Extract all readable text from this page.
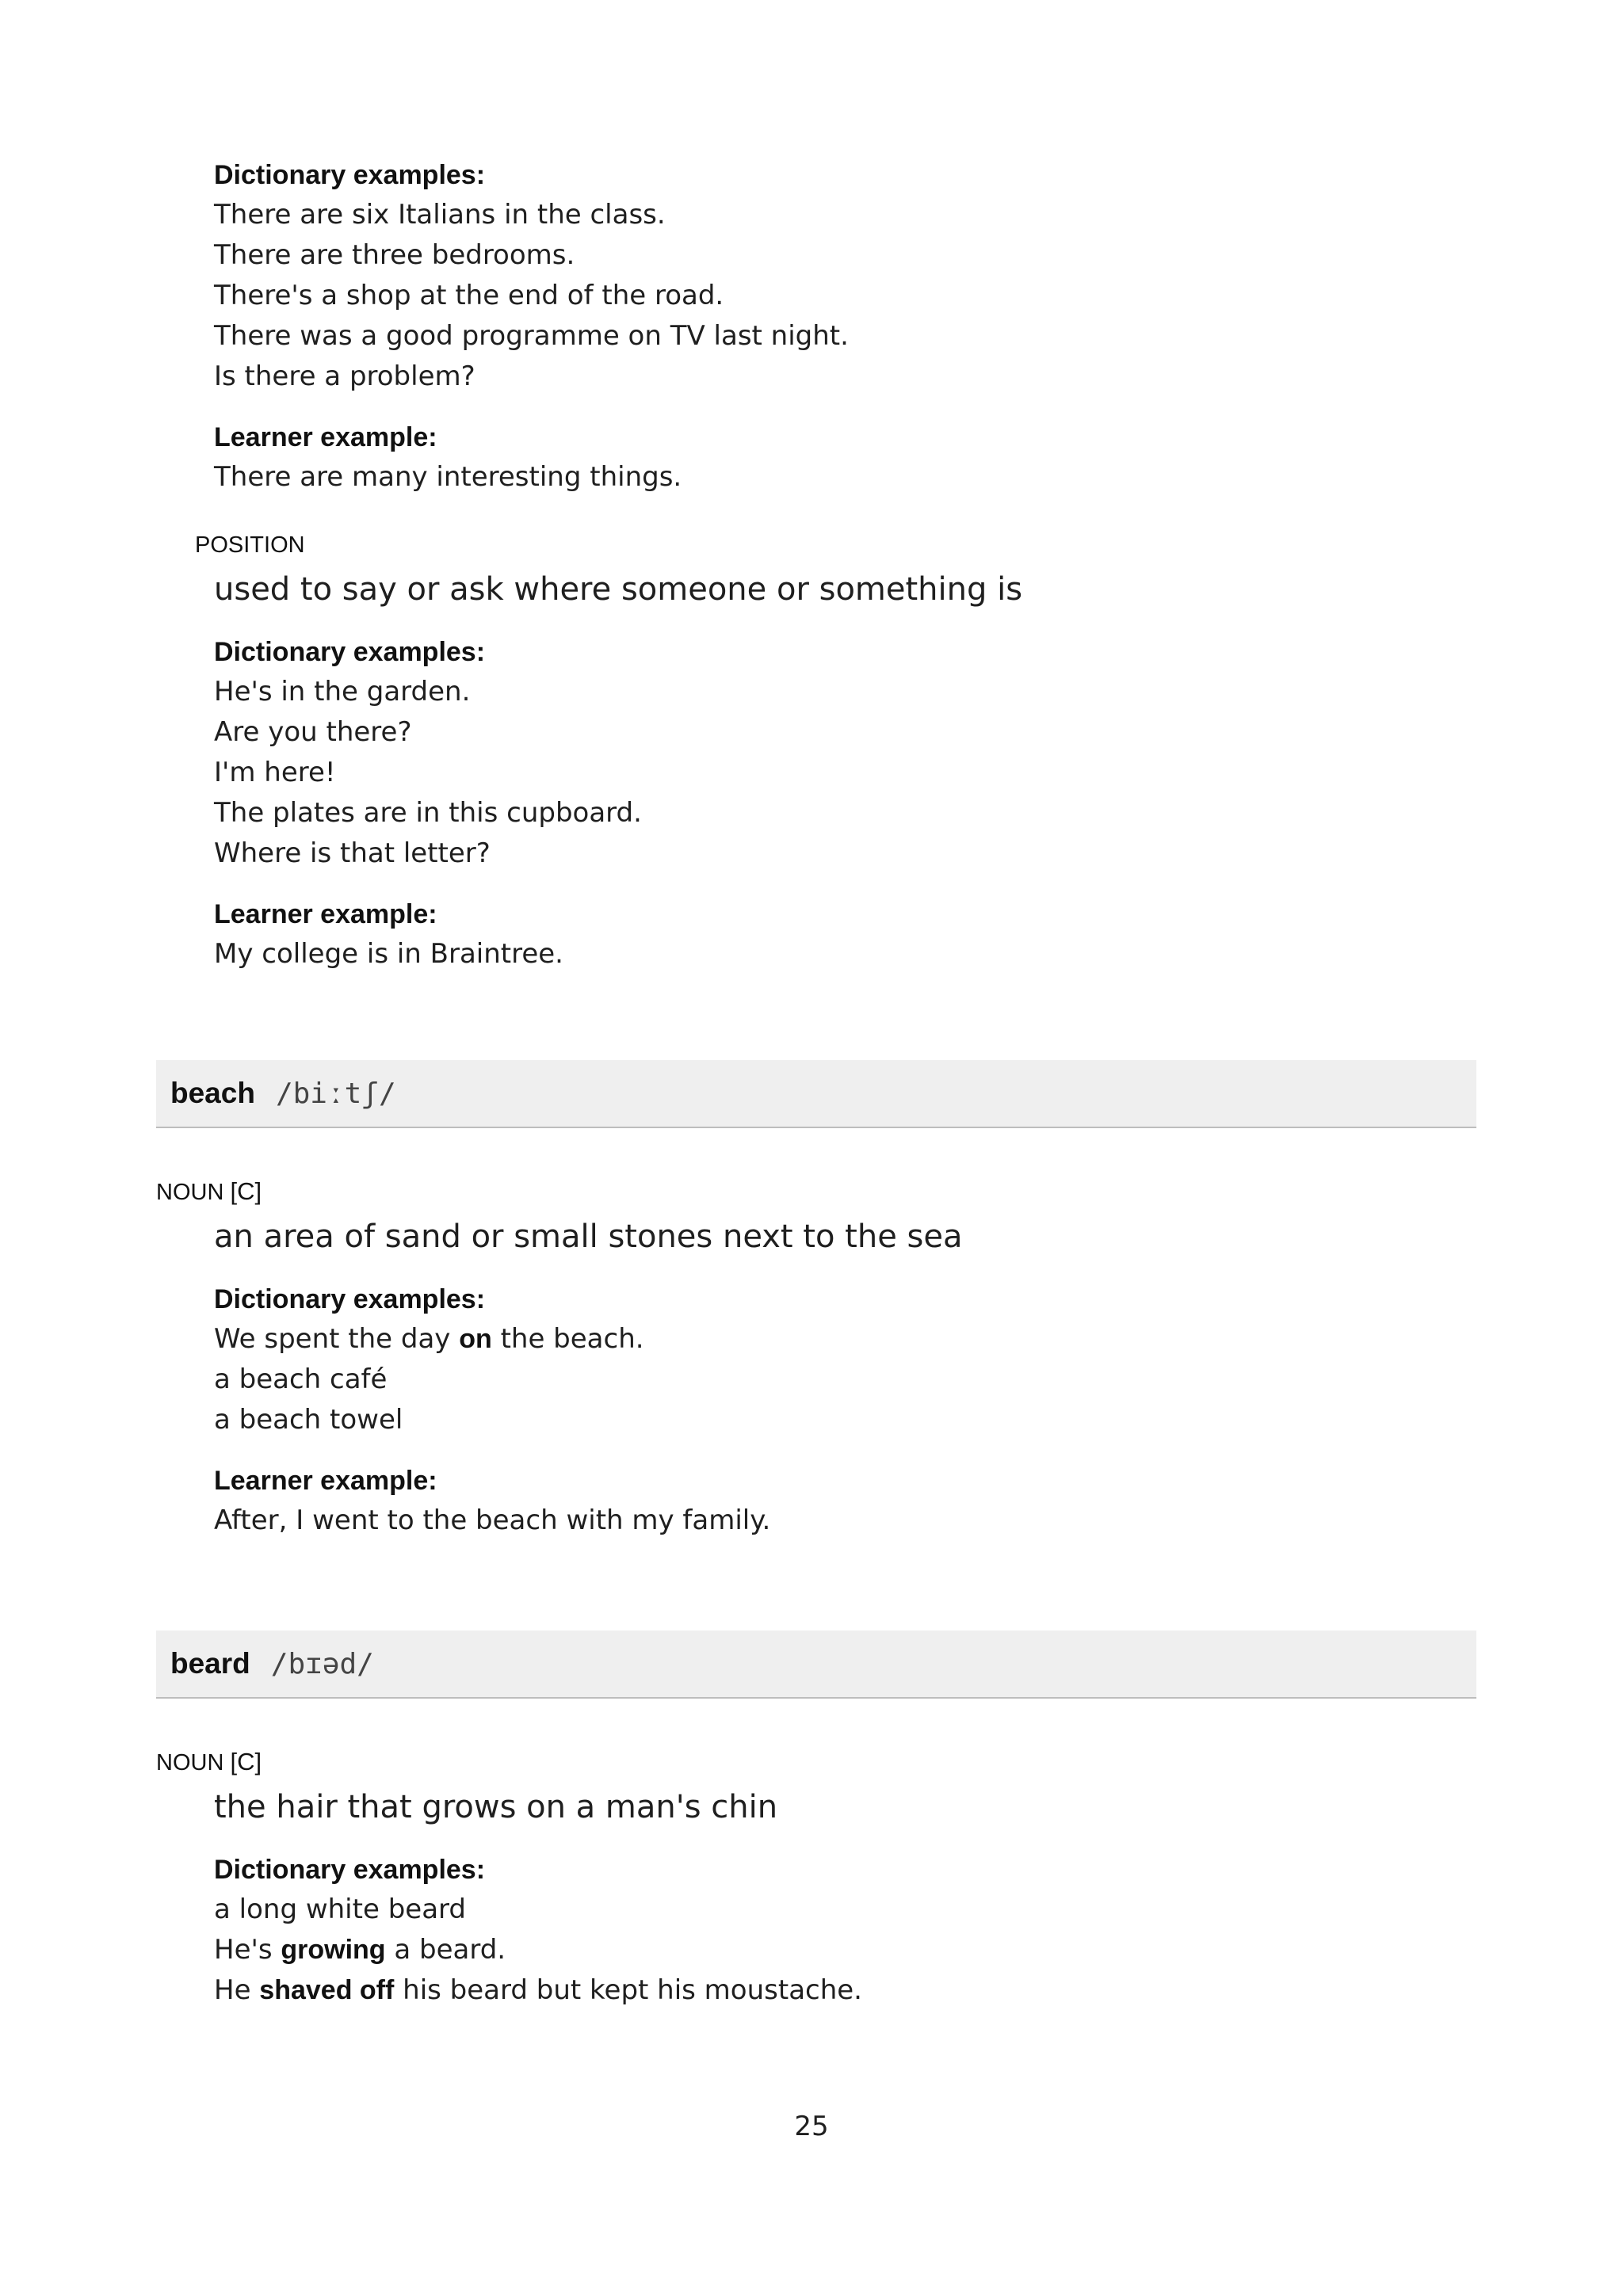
Dictionary examples:
There are six Italians in the class.
There are three bedrooms.
There's a shop at the end of the road.
There was a good programme on TV last night.
Is there a problem?
Learner example:
There are many interesting things.
POSITION
used to say or ask where someone or something is
Dictionary examples:
He's in the garden.
Are you there?
I'm here!
The plates are in this cupboard.
Where is that letter?
Learner example:
My college is in Braintree.
beach /biːtʃ/
NOUN [C]
an area of sand or small stones next to the sea
Dictionary examples:
We spent the day on the beach.
a beach café
a beach towel
Learner example:
After, I went to the beach with my family.
beard /bɪəd/
NOUN [C]
the hair that grows on a man's chin
Dictionary examples:
a long white beard
He's growing a beard.
He shaved off his beard but kept his moustache.
25
